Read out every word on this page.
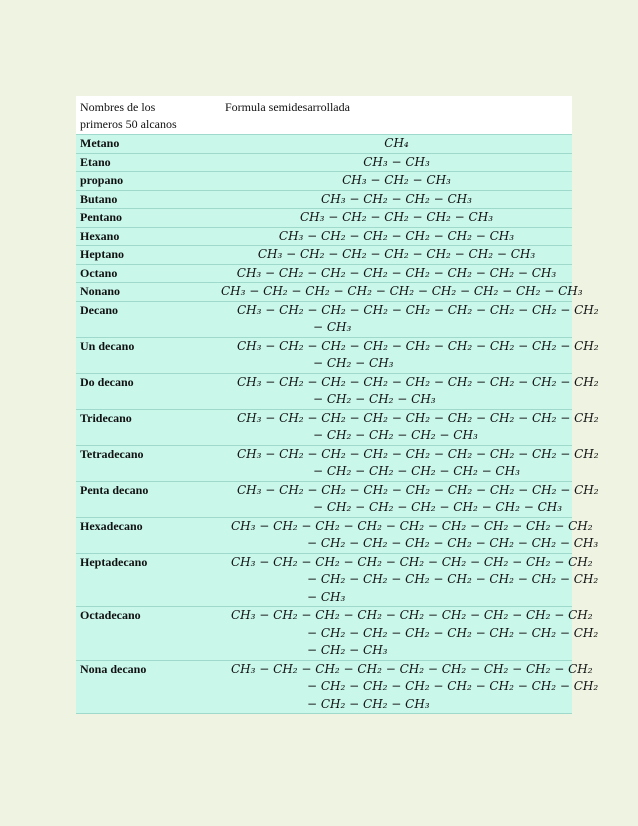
Nombres de los
primeros 50 alcanos	Formula semidesarrollada
Metano	CH₄

Etano	CH₃ − CH₃

propano	CH₃ − CH₂ − CH₃

Butano	CH₃ − CH₂ − CH₂ − CH₃

Pentano	CH₃ − CH₂ − CH₂ − CH₂ − CH₃

Hexano	CH₃ − CH₂ − CH₂ − CH₂ − CH₂ − CH₃

Heptano	CH₃ − CH₂ − CH₂ − CH₂ − CH₂ − CH₂ − CH₃

Octano	CH₃ − CH₂ − CH₂ − CH₂ − CH₂ − CH₂ − CH₂ − CH₃

Nonano	CH₃ − CH₂ − CH₂ − CH₂ − CH₂ − CH₂ − CH₂ − CH₂ − CH₃

Decano	CH₃ − CH₂ − CH₂ − CH₂ − CH₂ − CH₂ − CH₂ − CH₂ − CH₂
− CH₃

Un decano	CH₃ − CH₂ − CH₂ − CH₂ − CH₂ − CH₂ − CH₂ − CH₂ − CH₂
− CH₂ − CH₃

Do decano	CH₃ − CH₂ − CH₂ − CH₂ − CH₂ − CH₂ − CH₂ − CH₂ − CH₂
− CH₂ − CH₂ − CH₃

Tridecano	CH₃ − CH₂ − CH₂ − CH₂ − CH₂ − CH₂ − CH₂ − CH₂ − CH₂
− CH₂ − CH₂ − CH₂ − CH₃

Tetradecano	CH₃ − CH₂ − CH₂ − CH₂ − CH₂ − CH₂ − CH₂ − CH₂ − CH₂
− CH₂ − CH₂ − CH₂ − CH₂ − CH₃

Penta decano	CH₃ − CH₂ − CH₂ − CH₂ − CH₂ − CH₂ − CH₂ − CH₂ − CH₂
− CH₂ − CH₂ − CH₂ − CH₂ − CH₂ − CH₃

Hexadecano	CH₃ − CH₂ − CH₂ − CH₂ − CH₂ − CH₂ − CH₂ − CH₂ − CH₂
− CH₂ − CH₂ − CH₂ − CH₂ − CH₂ − CH₂ − CH₃

Heptadecano	CH₃ − CH₂ − CH₂ − CH₂ − CH₂ − CH₂ − CH₂ − CH₂ − CH₂
− CH₂ − CH₂ − CH₂ − CH₂ − CH₂ − CH₂ − CH₂
− CH₃

Octadecano	CH₃ − CH₂ − CH₂ − CH₂ − CH₂ − CH₂ − CH₂ − CH₂ − CH₂
− CH₂ − CH₂ − CH₂ − CH₂ − CH₂ − CH₂ − CH₂
− CH₂ − CH₃

Nona decano	CH₃ − CH₂ − CH₂ − CH₂ − CH₂ − CH₂ − CH₂ − CH₂ − CH₂
− CH₂ − CH₂ − CH₂ − CH₂ − CH₂ − CH₂ − CH₂
− CH₂ − CH₂ − CH₃
